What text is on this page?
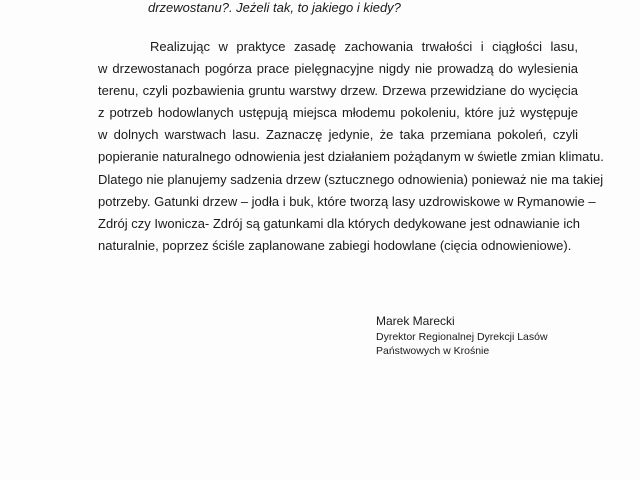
drzewostanu?. Jeżeli tak, to jakiego i kiedy?
Realizując w praktyce zasadę zachowania trwałości i ciągłości lasu,
w drzewostanach pogórza prace pielęgnacyjne nigdy nie prowadzą do wylesienia
terenu, czyli pozbawienia gruntu warstwy drzew. Drzewa przewidziane do wycięcia
z potrzeb hodowlanych ustępują miejsca młodemu pokoleniu, które już występuje
w dolnych warstwach lasu. Zaznaczę jedynie, że taka przemiana pokoleń, czyli
popieranie naturalnego odnowienia jest działaniem pożądanym w świetle zmian klimatu.
Dlatego nie planujemy sadzenia drzew (sztucznego odnowienia) ponieważ nie ma takiej
potrzeby. Gatunki drzew – jodła i buk, które tworzą lasy uzdrowiskowe w Rymanowie –
Zdrój czy Iwonicza- Zdrój są gatunkami dla których dedykowane jest odnawianie ich
naturalnie, poprzez ściśle zaplanowane zabiegi hodowlane (cięcia odnowieniowe).
Marek Marecki
Dyrektor Regionalnej Dyrekcji Lasów
Państwowych w Krośnie
